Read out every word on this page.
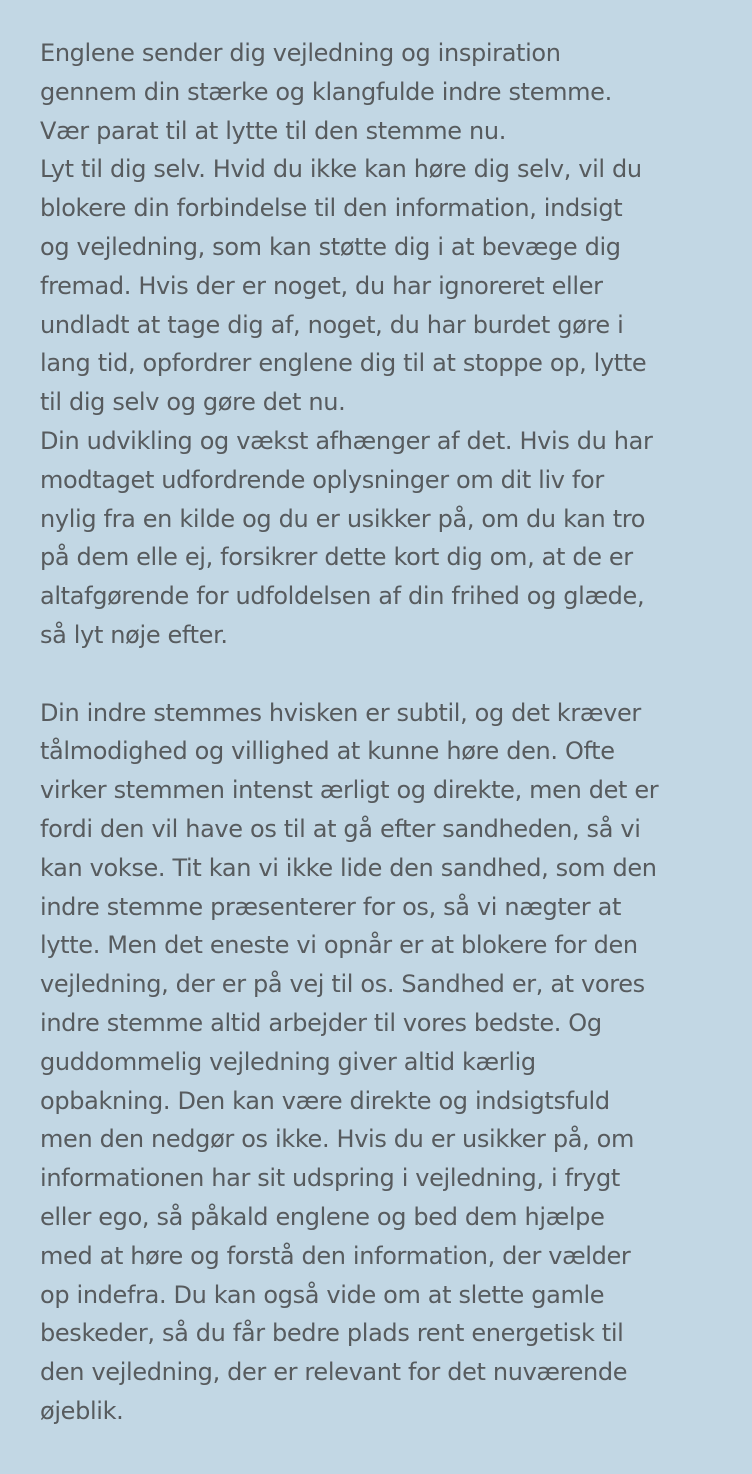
Englene sender dig vejledning og inspiration
gennem din stærke og klangfulde indre stemme.
Vær parat til at lytte til den stemme nu.
Lyt til dig selv. Hvid du ikke kan høre dig selv, vil du
blokere din forbindelse til den information, indsigt
og vejledning, som kan støtte dig i at bevæge dig
fremad. Hvis der er noget, du har ignoreret eller
undladt at tage dig af, noget, du har burdet gøre i
lang tid, opfordrer englene dig til at stoppe op, lytte
til dig selv og gøre det nu.
Din udvikling og vækst afhænger af det. Hvis du har
modtaget udfordrende oplysninger om dit liv for
nylig fra en kilde og du er usikker på, om du kan tro
på dem elle ej, forsikrer dette kort dig om, at de er
altafgørende for udfoldelsen af din frihed og glæde,
så lyt nøje efter.
Din indre stemmes hvisken er subtil, og det kræver
tålmodighed og villighed at kunne høre den. Ofte
virker stemmen intenst ærligt og direkte, men det er
fordi den vil have os til at gå efter sandheden, så vi
kan vokse. Tit kan vi ikke lide den sandhed, som den
indre stemme præsenterer for os, så vi nægter at
lytte. Men det eneste vi opnår er at blokere for den
vejledning, der er på vej til os. Sandhed er, at vores
indre stemme altid arbejder til vores bedste. Og
guddommelig vejledning giver altid kærlig
opbakning. Den kan være direkte og indsigtsfuld
men den nedgør os ikke. Hvis du er usikker på, om
informationen har sit udspring i vejledning, i frygt
eller ego, så påkald englene og bed dem hjælpe
med at høre og forstå den information, der vælder
op indefra. Du kan også vide om at slette gamle
beskeder, så du får bedre plads rent energetisk til
den vejledning, der er relevant for det nuværende
øjeblik.
